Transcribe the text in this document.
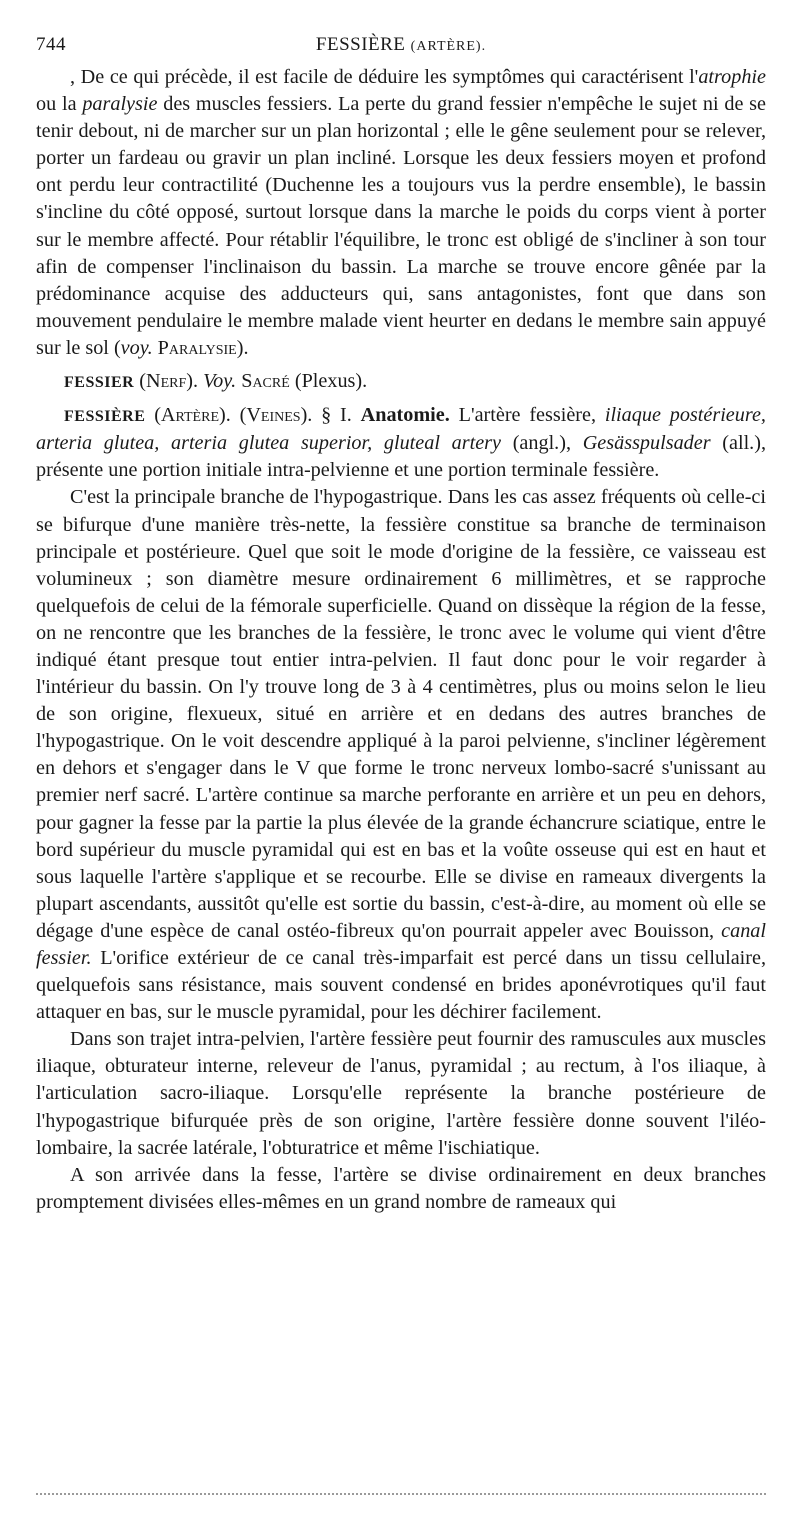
744	FESSIÈRE (ARTÈRE).

, De ce qui précède, il est facile de déduire les symptômes qui caractérisent l'atrophie ou la paralysie des muscles fessiers. La perte du grand fessier n'empêche le sujet ni de se tenir debout, ni de marcher sur un plan horizontal ; elle le gêne seulement pour se relever, porter un fardeau ou gravir un plan incliné. Lorsque les deux fessiers moyen et profond ont perdu leur contractilité (Duchenne les a toujours vus la perdre ensemble), le bassin s'incline du côté opposé, surtout lorsque dans la marche le poids du corps vient à porter sur le membre affecté. Pour rétablir l'équilibre, le tronc est obligé de s'incliner à son tour afin de compenser l'inclinaison du bassin. La marche se trouve encore gênée par la prédominance acquise des adducteurs qui, sans antagonistes, font que dans son mouvement pendulaire le membre malade vient heurter en dedans le membre sain appuyé sur le sol (voy. Paralysie).

FESSIER (Nerf). Voy. Sacré (Plexus).

FESSIÈRE (Artère). (Veines). § I. Anatomie. L'artère fessière, iliaque postérieure, arteria glutea, arteria glutea superior, gluteal artery (angl.), Gesässpulsader (all.), présente une portion initiale intra-pelvienne et une portion terminale fessière.

C'est la principale branche de l'hypogastrique. Dans les cas assez fréquents où celle-ci se bifurque d'une manière très-nette, la fessière constitue sa branche de terminaison principale et postérieure. Quel que soit le mode d'origine de la fessière, ce vaisseau est volumineux ; son diamètre mesure ordinairement 6 millimètres, et se rapproche quelquefois de celui de la fémorale superficielle. Quand on dissèque la région de la fesse, on ne rencontre que les branches de la fessière, le tronc avec le volume qui vient d'être indiqué étant presque tout entier intra-pelvien. Il faut donc pour le voir regarder à l'intérieur du bassin. On l'y trouve long de 3 à 4 centimètres, plus ou moins selon le lieu de son origine, flexueux, situé en arrière et en dedans des autres branches de l'hypogastrique. On le voit descendre appliqué à la paroi pelvienne, s'incliner légèrement en dehors et s'engager dans le V que forme le tronc nerveux lombo-sacré s'unissant au premier nerf sacré. L'artère continue sa marche perforante en arrière et un peu en dehors, pour gagner la fesse par la partie la plus élevée de la grande échancrure sciatique, entre le bord supérieur du muscle pyramidal qui est en bas et la voûte osseuse qui est en haut et sous laquelle l'artère s'applique et se recourbe. Elle se divise en rameaux divergents la plupart ascendants, aussitôt qu'elle est sortie du bassin, c'est-à-dire, au moment où elle se dégage d'une espèce de canal ostéo-fibreux qu'on pourrait appeler avec Bouisson, canal fessier. L'orifice extérieur de ce canal très-imparfait est percé dans un tissu cellulaire, quelquefois sans résistance, mais souvent condensé en brides aponévrotiques qu'il faut attaquer en bas, sur le muscle pyramidal, pour les déchirer facilement.

Dans son trajet intra-pelvien, l'artère fessière peut fournir des ramuscules aux muscles iliaque, obturateur interne, releveur de l'anus, pyramidal ; au rectum, à l'os iliaque, à l'articulation sacro-iliaque. Lorsqu'elle représente la branche postérieure de l'hypogastrique bifurquée près de son origine, l'artère fessière donne souvent l'iléo-lombaire, la sacrée latérale, l'obturatrice et même l'ischiatique.

A son arrivée dans la fesse, l'artère se divise ordinairement en deux branches promptement divisées elles-mêmes en un grand nombre de rameaux qui
